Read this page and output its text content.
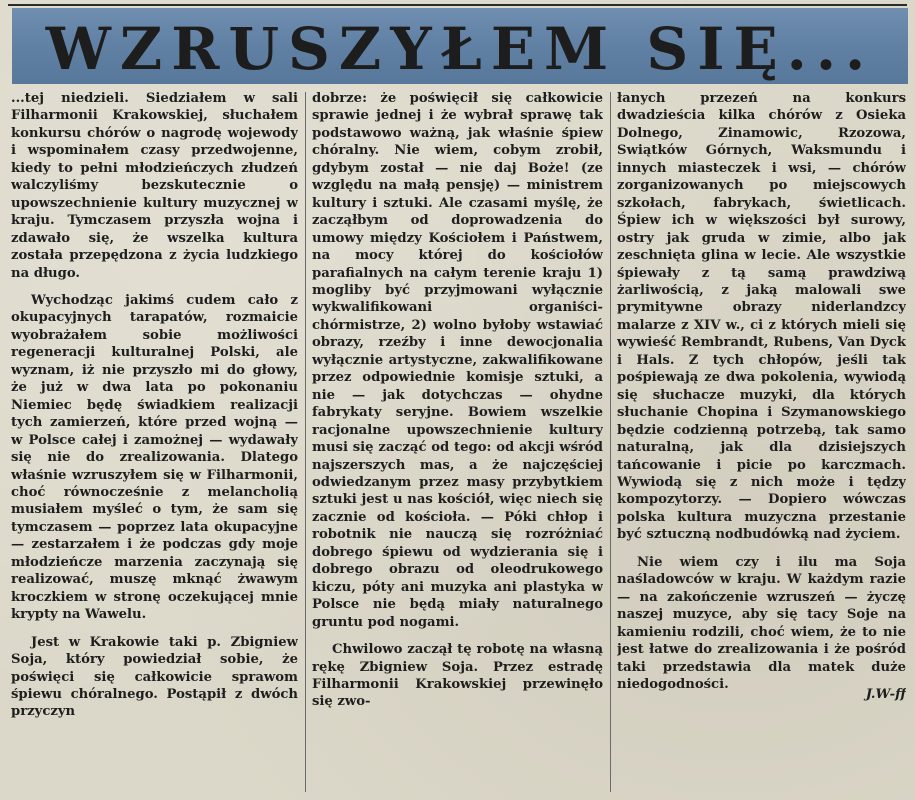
WZRUSZYŁEM SIĘ...

...tej niedzieli. Siedziałem w sali Filharmonii Krakowskiej, słuchałem konkursu chórów o nagrodę wojewody i wspominałem czasy przedwojenne, kiedy to pełni młodzieńczych złudzeń walczyliśmy bezskutecznie o upowszechnienie kultury muzycznej w kraju. Tymczasem przyszła wojna i zdawało się, że wszelka kultura została przepędzona z życia ludzkiego na długo.

Wychodząc jakimś cudem cało z okupacyjnych tarapatów, rozmaicie wyobrażałem sobie możliwości regeneracji kulturalnej Polski, ale wyznam, iż nie przyszło mi do głowy, że już w dwa lata po pokonaniu Niemiec będę świadkiem realizacji tych zamierzeń, które przed wojną — w Polsce całej i zamożnej — wydawały się nie do zrealizowania. Dlatego właśnie wzruszyłem się w Filharmonii, choć równocześnie z melancholią musiałem myśleć o tym, że sam się tymczasem — poprzez lata okupacyjne — zestarzałem i że podczas gdy moje młodzieńcze marzenia zaczynają się realizować, muszę mknąć żwawym kroczkiem w stronę oczekującej mnie krypty na Wawelu.

Jest w Krakowie taki p. Zbigniew Soja, który powiedział sobie, że poświęci się całkowicie sprawom śpiewu chóralnego. Postąpił z dwóch przyczyn

dobrze: że poświęcił się całkowicie sprawie jednej i że wybrał sprawę tak podstawowo ważną, jak właśnie śpiew chóralny. Nie wiem, cobym zrobił, gdybym został — nie daj Boże! (ze względu na małą pensję) — ministrem kultury i sztuki. Ale czasami myślę, że zacząłbym od doprowadzenia do umowy między Kościołem i Państwem, na mocy której do kościołów parafialnych na całym terenie kraju 1) mogliby być przyjmowani wyłącznie wykwalifikowani organiści-chórmistrze, 2) wolno byłoby wstawiać obrazy, rzeźby i inne dewocjonalia wyłącznie artystyczne, zakwalifikowane przez odpowiednie komisje sztuki, a nie — jak dotychczas — ohydne fabrykaty seryjne. Bowiem wszelkie racjonalne upowszechnienie kultury musi się zacząć od tego: od akcji wśród najszerszych mas, a że najczęściej odwiedzanym przez masy przybytkiem sztuki jest u nas kościół, więc niech się zacznie od kościoła. — Póki chłop i robotnik nie nauczą się rozróżniać dobrego śpiewu od wydzierania się i dobrego obrazu od oleodrukowego kiczu, póty ani muzyka ani plastyka w Polsce nie będą miały naturalnego gruntu pod nogami.

Chwilowo zaczął tę robotę na własną rękę Zbigniew Soja. Przez estradę Filharmonii Krakowskiej przewinęło się zwo-

łanych przezeń na konkurs dwadzieścia kilka chórów z Osieka Dolnego, Zinamowic, Rzozowa, Swiątków Górnych, Waksmundu i innych miasteczek i wsi, — chórów zorganizowanych po miejscowych szkołach, fabrykach, świetlicach. Śpiew ich w większości był surowy, ostry jak gruda w zimie, albo jak zeschnięta glina w lecie. Ale wszystkie śpiewały z tą samą prawdziwą żarliwością, z jaką malowali swe prymitywne obrazy niderlandzcy malarze z XIV w., ci z których mieli się wywieść Rembrandt, Rubens, Van Dyck i Hals. Z tych chłopów, jeśli tak pośpiewają ze dwa pokolenia, wywiodą się słuchacze muzyki, dla których słuchanie Chopina i Szymanowskiego będzie codzienną potrzebą, tak samo naturalną, jak dla dzisiejszych tańcowanie i picie po karczmach. Wywiodą się z nich może i tędzy kompozytorzy. — Dopiero wówczas polska kultura muzyczna przestanie być sztuczną nodbudówką nad życiem.

Nie wiem czy i ilu ma Soja naśladowców w kraju. W każdym razie — na zakończenie wzruszeń — życzę naszej muzyce, aby się tacy Soje na kamieniu rodzili, choć wiem, że to nie jest łatwe do zrealizowania i że pośród taki przedstawia dla matek duże niedogodności.

J.W-ff
